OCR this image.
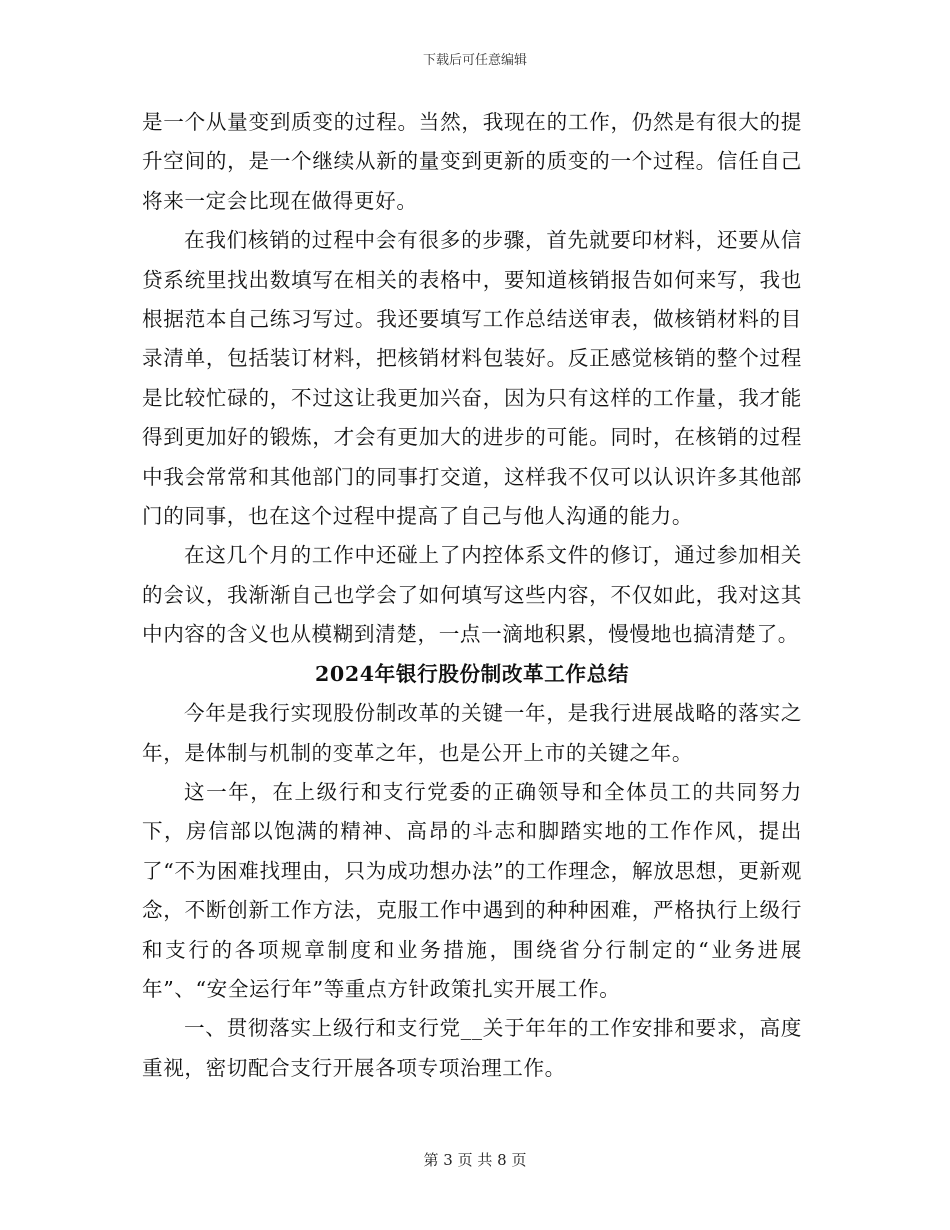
下载后可任意编辑

是一个从量变到质变的过程。当然，我现在的工作，仍然是有很大的提升空间的，是一个继续从新的量变到更新的质变的一个过程。信任自己将来一定会比现在做得更好。

在我们核销的过程中会有很多的步骤，首先就要印材料，还要从信贷系统里找出数填写在相关的表格中，要知道核销报告如何来写，我也根据范本自己练习写过。我还要填写工作总结送审表，做核销材料的目录清单，包括装订材料，把核销材料包装好。反正感觉核销的整个过程是比较忙碌的，不过这让我更加兴奋，因为只有这样的工作量，我才能得到更加好的锻炼，才会有更加大的进步的可能。同时，在核销的过程中我会常常和其他部门的同事打交道，这样我不仅可以认识许多其他部门的同事，也在这个过程中提高了自己与他人沟通的能力。

在这几个月的工作中还碰上了内控体系文件的修订，通过参加相关的会议，我渐渐自己也学会了如何填写这些内容，不仅如此，我对这其中内容的含义也从模糊到清楚，一点一滴地积累，慢慢地也搞清楚了。

2024年银行股份制改革工作总结

今年是我行实现股份制改革的关键一年，是我行进展战略的落实之年，是体制与机制的变革之年，也是公开上市的关键之年。

这一年，在上级行和支行党委的正确领导和全体员工的共同努力下，房信部以饱满的精神、高昂的斗志和脚踏实地的工作作风，提出了“不为困难找理由，只为成功想办法”的工作理念，解放思想，更新观念，不断创新工作方法，克服工作中遇到的种种困难，严格执行上级行和支行的各项规章制度和业务措施，围绕省分行制定的“业务进展年”、“安全运行年”等重点方针政策扎实开展工作。

一、贯彻落实上级行和支行党__关于年年的工作安排和要求，高度重视，密切配合支行开展各项专项治理工作。

第 3 页 共 8 页
